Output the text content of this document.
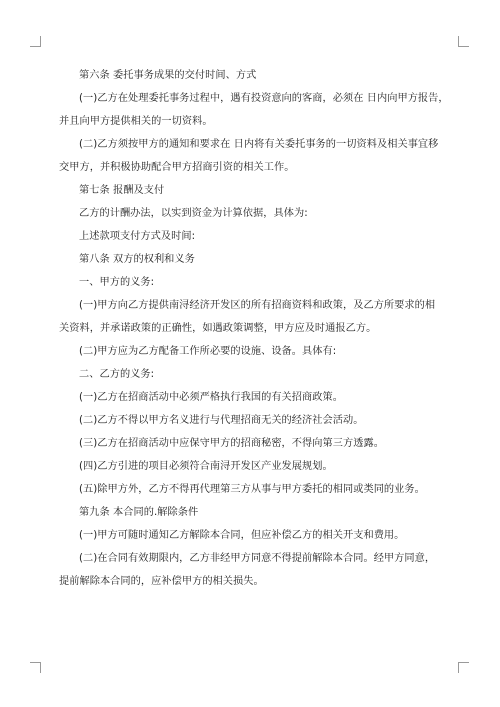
第六条 委托事务成果的交付时间、方式
(一)乙方在处理委托事务过程中，遇有投资意向的客商，必须在 日内向甲方报告，
并且向甲方提供相关的一切资料。
(二)乙方须按甲方的通知和要求在 日内将有关委托事务的一切资料及相关事宜移
交甲方，并积极协助配合甲方招商引资的相关工作。
第七条 报酬及支付
乙方的计酬办法，以实到资金为计算依据，具体为:
上述款项支付方式及时间:
第八条 双方的权利和义务
一、甲方的义务:
(一)甲方向乙方提供南浔经济开发区的所有招商资料和政策，及乙方所要求的相
关资料，并承诺政策的正确性，如遇政策调整，甲方应及时通报乙方。
(二)甲方应为乙方配备工作所必要的设施、设备。具体有:
二、乙方的义务:
(一)乙方在招商活动中必须严格执行我国的有关招商政策。
(二)乙方不得以甲方名义进行与代理招商无关的经济社会活动。
(三)乙方在招商活动中应保守甲方的招商秘密，不得向第三方透露。
(四)乙方引进的项目必须符合南浔开发区产业发展规划。
(五)除甲方外，乙方不得再代理第三方从事与甲方委托的相同或类同的业务。
第九条 本合同的.解除条件
(一)甲方可随时通知乙方解除本合同，但应补偿乙方的相关开支和费用。
(二)在合同有效期限内，乙方非经甲方同意不得提前解除本合同。经甲方同意，
提前解除本合同的，应补偿甲方的相关损失。
